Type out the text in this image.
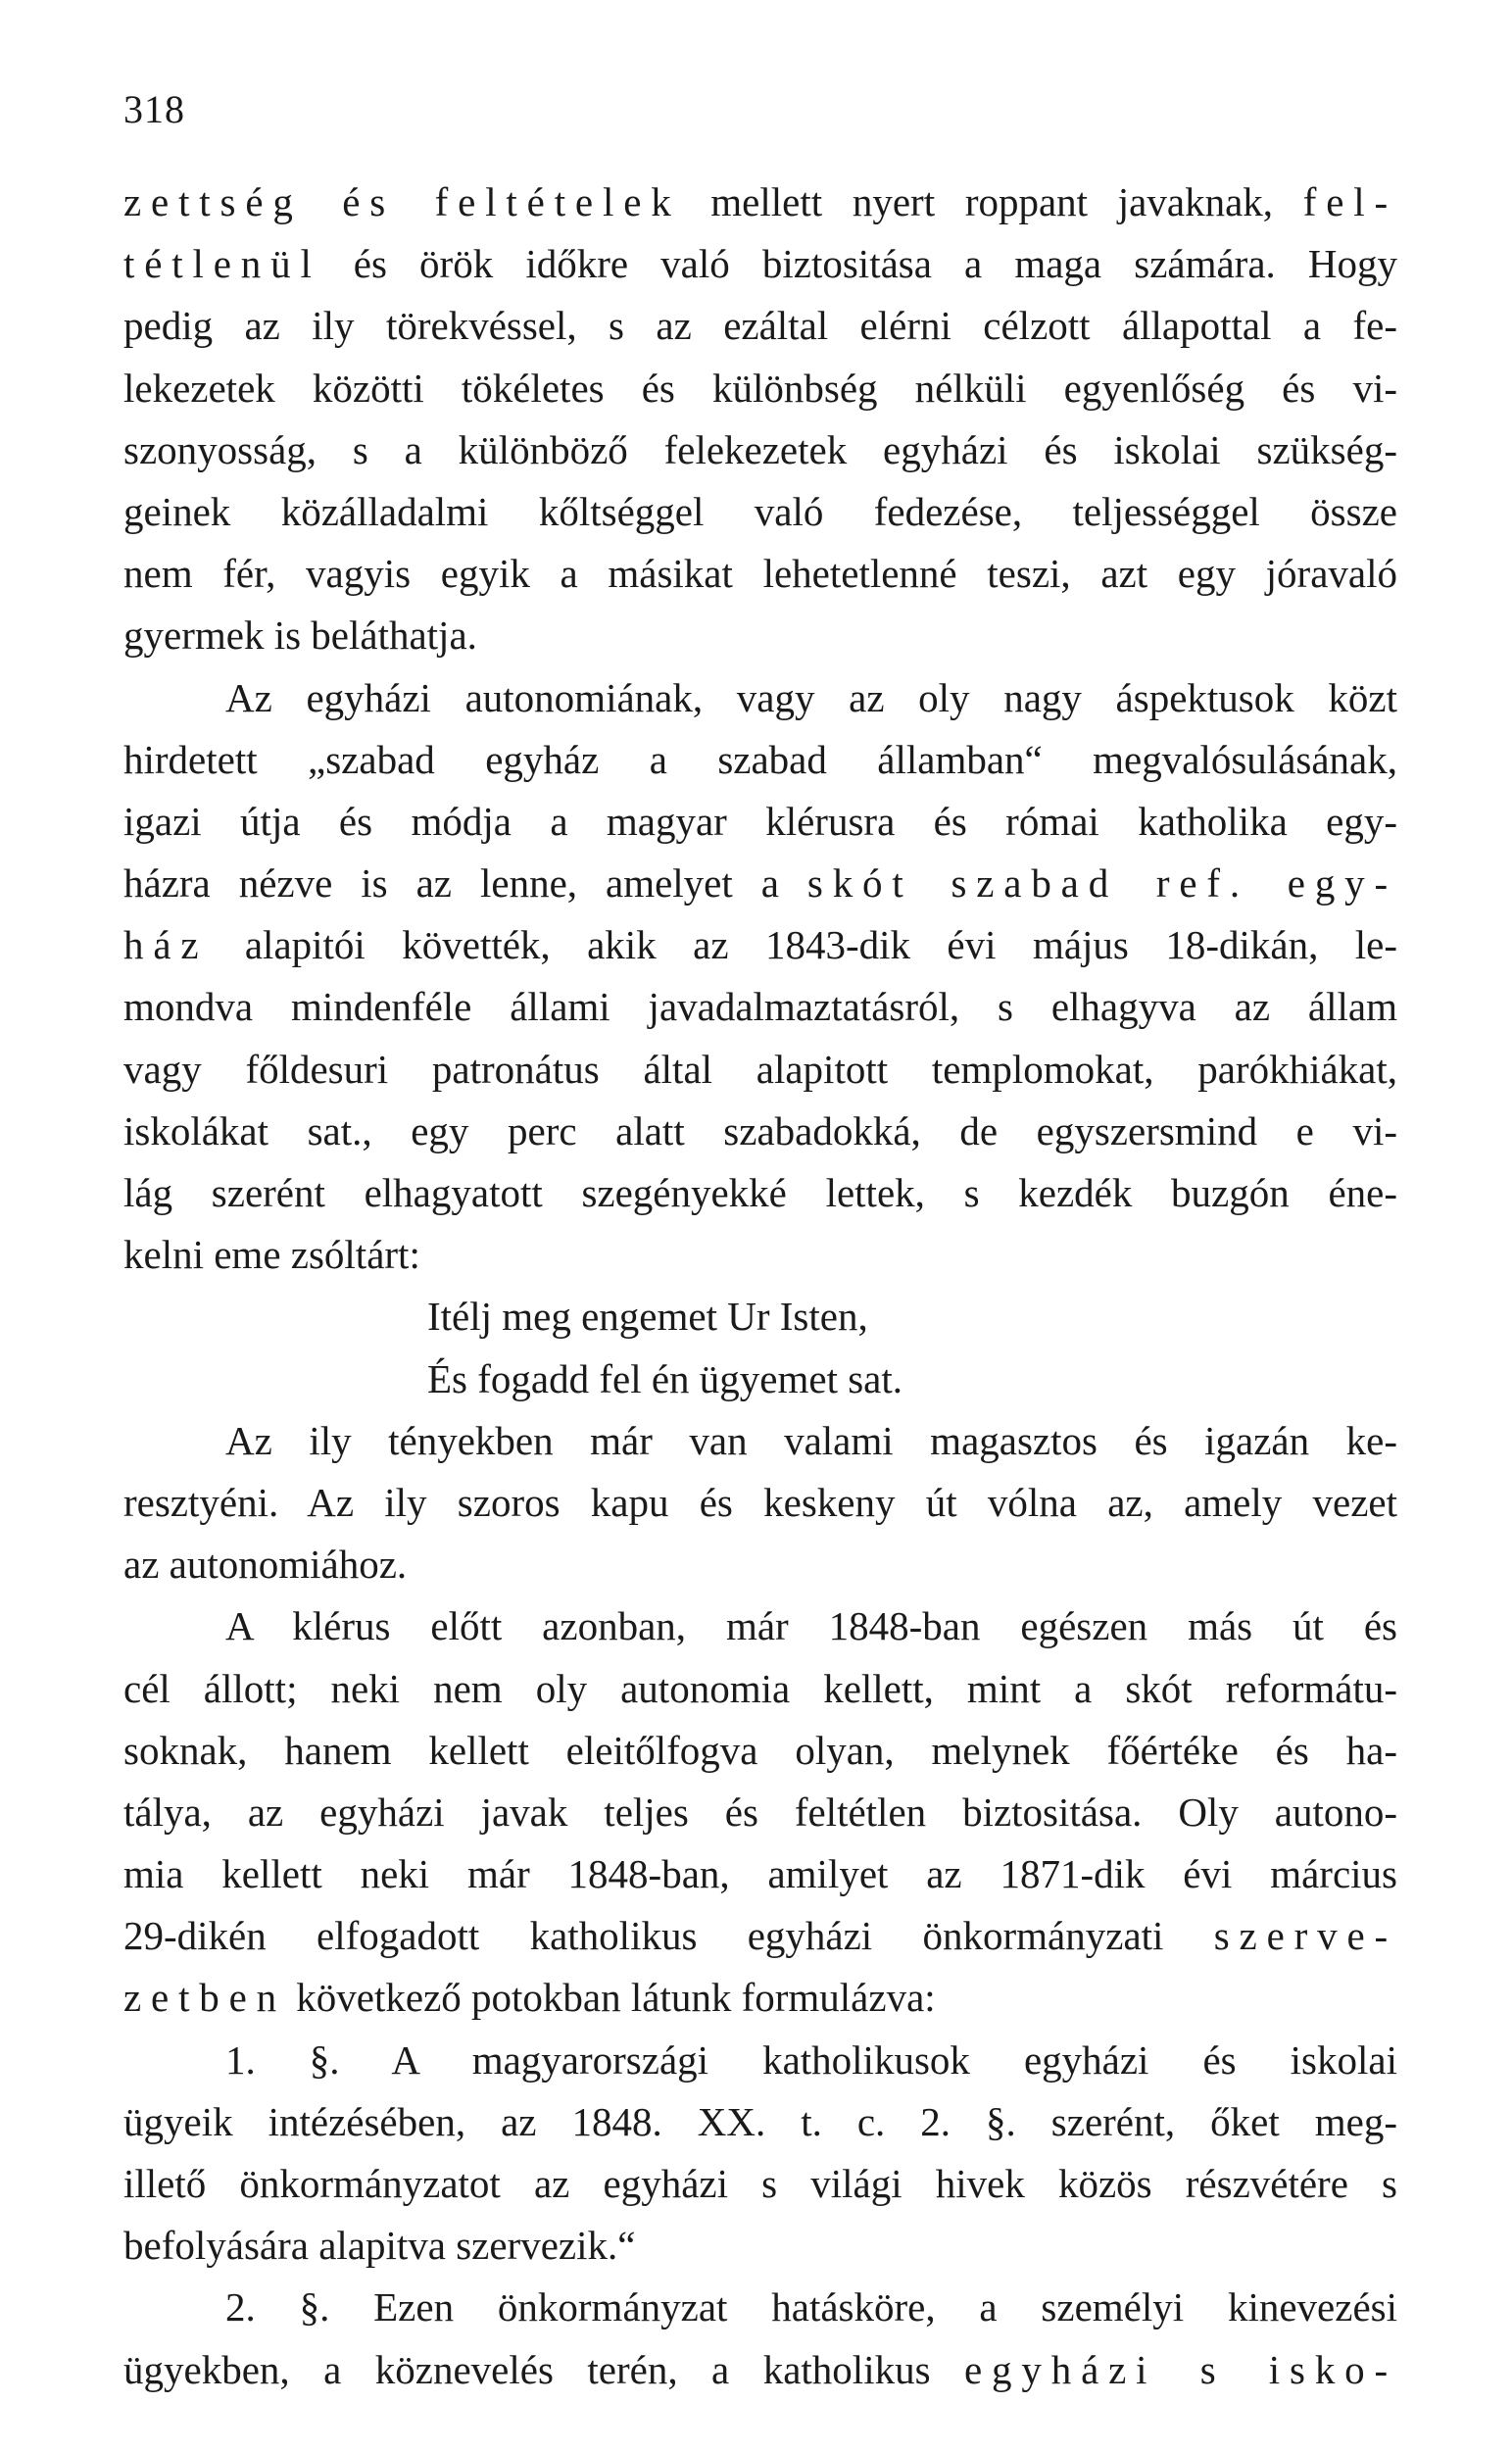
318
zettség és feltételek mellett nyert roppant javaknak, fel-
tétlenül és örök időkre való biztositása a maga számára. Hogy
pedig az ily törekvéssel, s az ezáltal elérni célzott állapottal a fe-
lekezetek közötti tökéletes és különbség nélküli egyenlőség és vi-
szonyosság, s a különböző felekezetek egyházi és iskolai szükség-
geinek közálladalmi kőltséggel való fedezése, teljességgel össze
nem fér, vagyis egyik a másikat lehetetlenné teszi, azt egy jóravaló
gyermek is beláthatja.
Az egyházi autonomiának, vagy az oly nagy áspektusok közt
hirdetett „szabad egyház a szabad államban“ megvalósulásának,
igazi útja és módja a magyar klérusra és római katholika egy-
házra nézve is az lenne, amelyet a skót szabad ref. egy-
ház alapitói követték, akik az 1843-dik évi május 18-dikán, le-
mondva mindenféle állami javadalmaztatásról, s elhagyva az állam
vagy főldesuri patronátus által alapitott templomokat, parókhiákat,
iskolákat sat., egy perc alatt szabadokká, de egyszersmind e vi-
lág szerént elhagyatott szegényekké lettek, s kezdék buzgón éne-
kelni eme zsóltárt:
Itélj meg engemet Ur Isten,
És fogadd fel én ügyemet sat.
Az ily tényekben már van valami magasztos és igazán ke-
resztyéni. Az ily szoros kapu és keskeny út vólna az, amely vezet
az autonomiához.
A klérus előtt azonban, már 1848-ban egészen más út és
cél állott; neki nem oly autonomia kellett, mint a skót reformátu-
soknak, hanem kellett eleitőlfogva olyan, melynek főértéke és ha-
tálya, az egyházi javak teljes és feltétlen biztositása. Oly autono-
mia kellett neki már 1848-ban, amilyet az 1871-dik évi március
29-dikén elfogadott katholikus egyházi önkormányzati szerve-
zetben következő potokban látunk formulázva:
1. §. A magyarországi katholikusok egyházi és iskolai
ügyeik intézésében, az 1848. XX. t. c. 2. §. szerént, őket meg-
illető önkormányzatot az egyházi s világi hivek közös részvétére s
befolyására alapitva szervezik.“
2. §. Ezen önkormányzat hatásköre, a személyi kinevezési
ügyekben, a köznevelés terén, a katholikus egyházi s isko-
